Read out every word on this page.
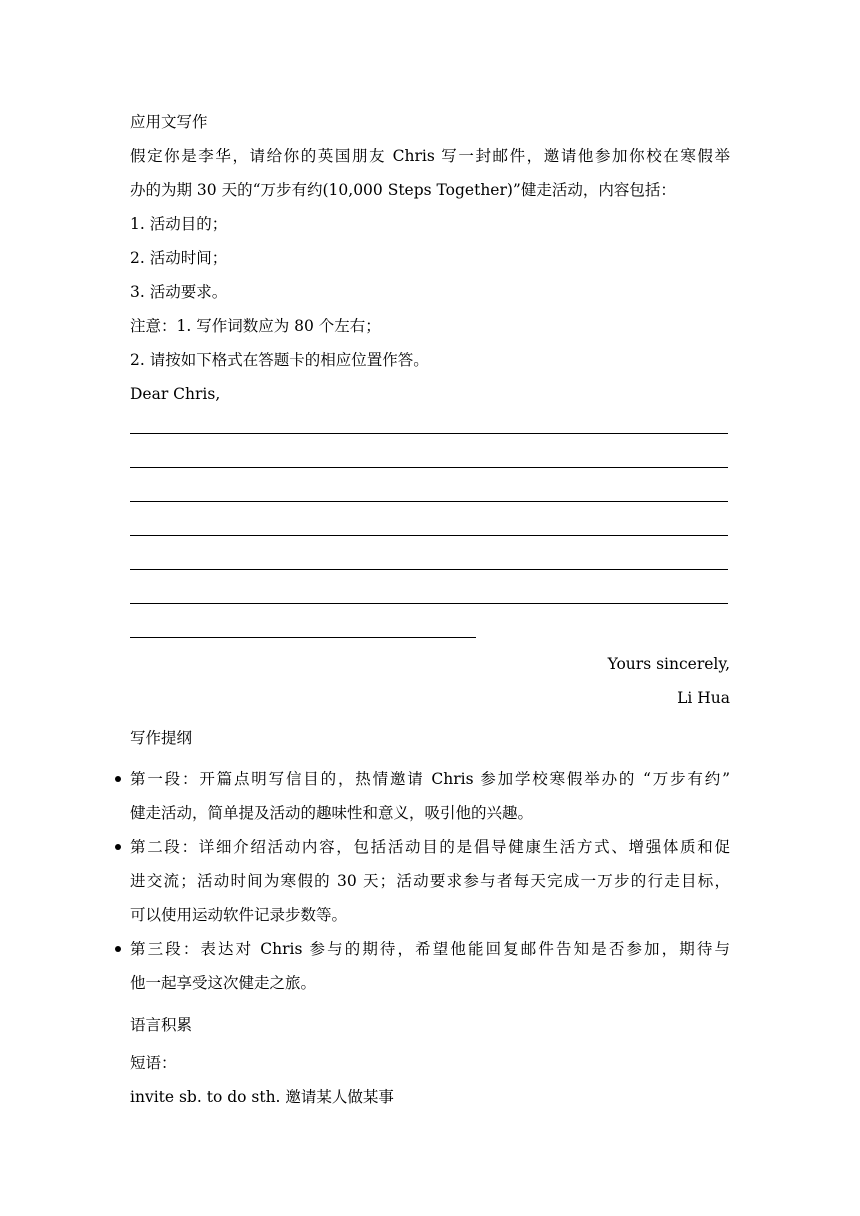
应用文写作
假定你是李华，请给你的英国朋友 Chris 写一封邮件，邀请他参加你校在寒假举
办的为期 30 天的“万步有约(10,000 Steps Together)”健走活动，内容包括：
1. 活动目的；
2. 活动时间；
3. 活动要求。
注意：1. 写作词数应为 80 个左右；
2. 请按如下格式在答题卡的相应位置作答。
Dear Chris,
Yours sincerely,
Li Hua
写作提纲
第一段：开篇点明写信目的，热情邀请 Chris 参加学校寒假举办的 “万步有约”
健走活动，简单提及活动的趣味性和意义，吸引他的兴趣。
第二段：详细介绍活动内容，包括活动目的是倡导健康生活方式、增强体质和促
进交流；活动时间为寒假的 30 天；活动要求参与者每天完成一万步的行走目标，
可以使用运动软件记录步数等。
第三段：表达对 Chris 参与的期待，希望他能回复邮件告知是否参加，期待与
他一起享受这次健走之旅。
语言积累
短语：
invite sb. to do sth. 邀请某人做某事
